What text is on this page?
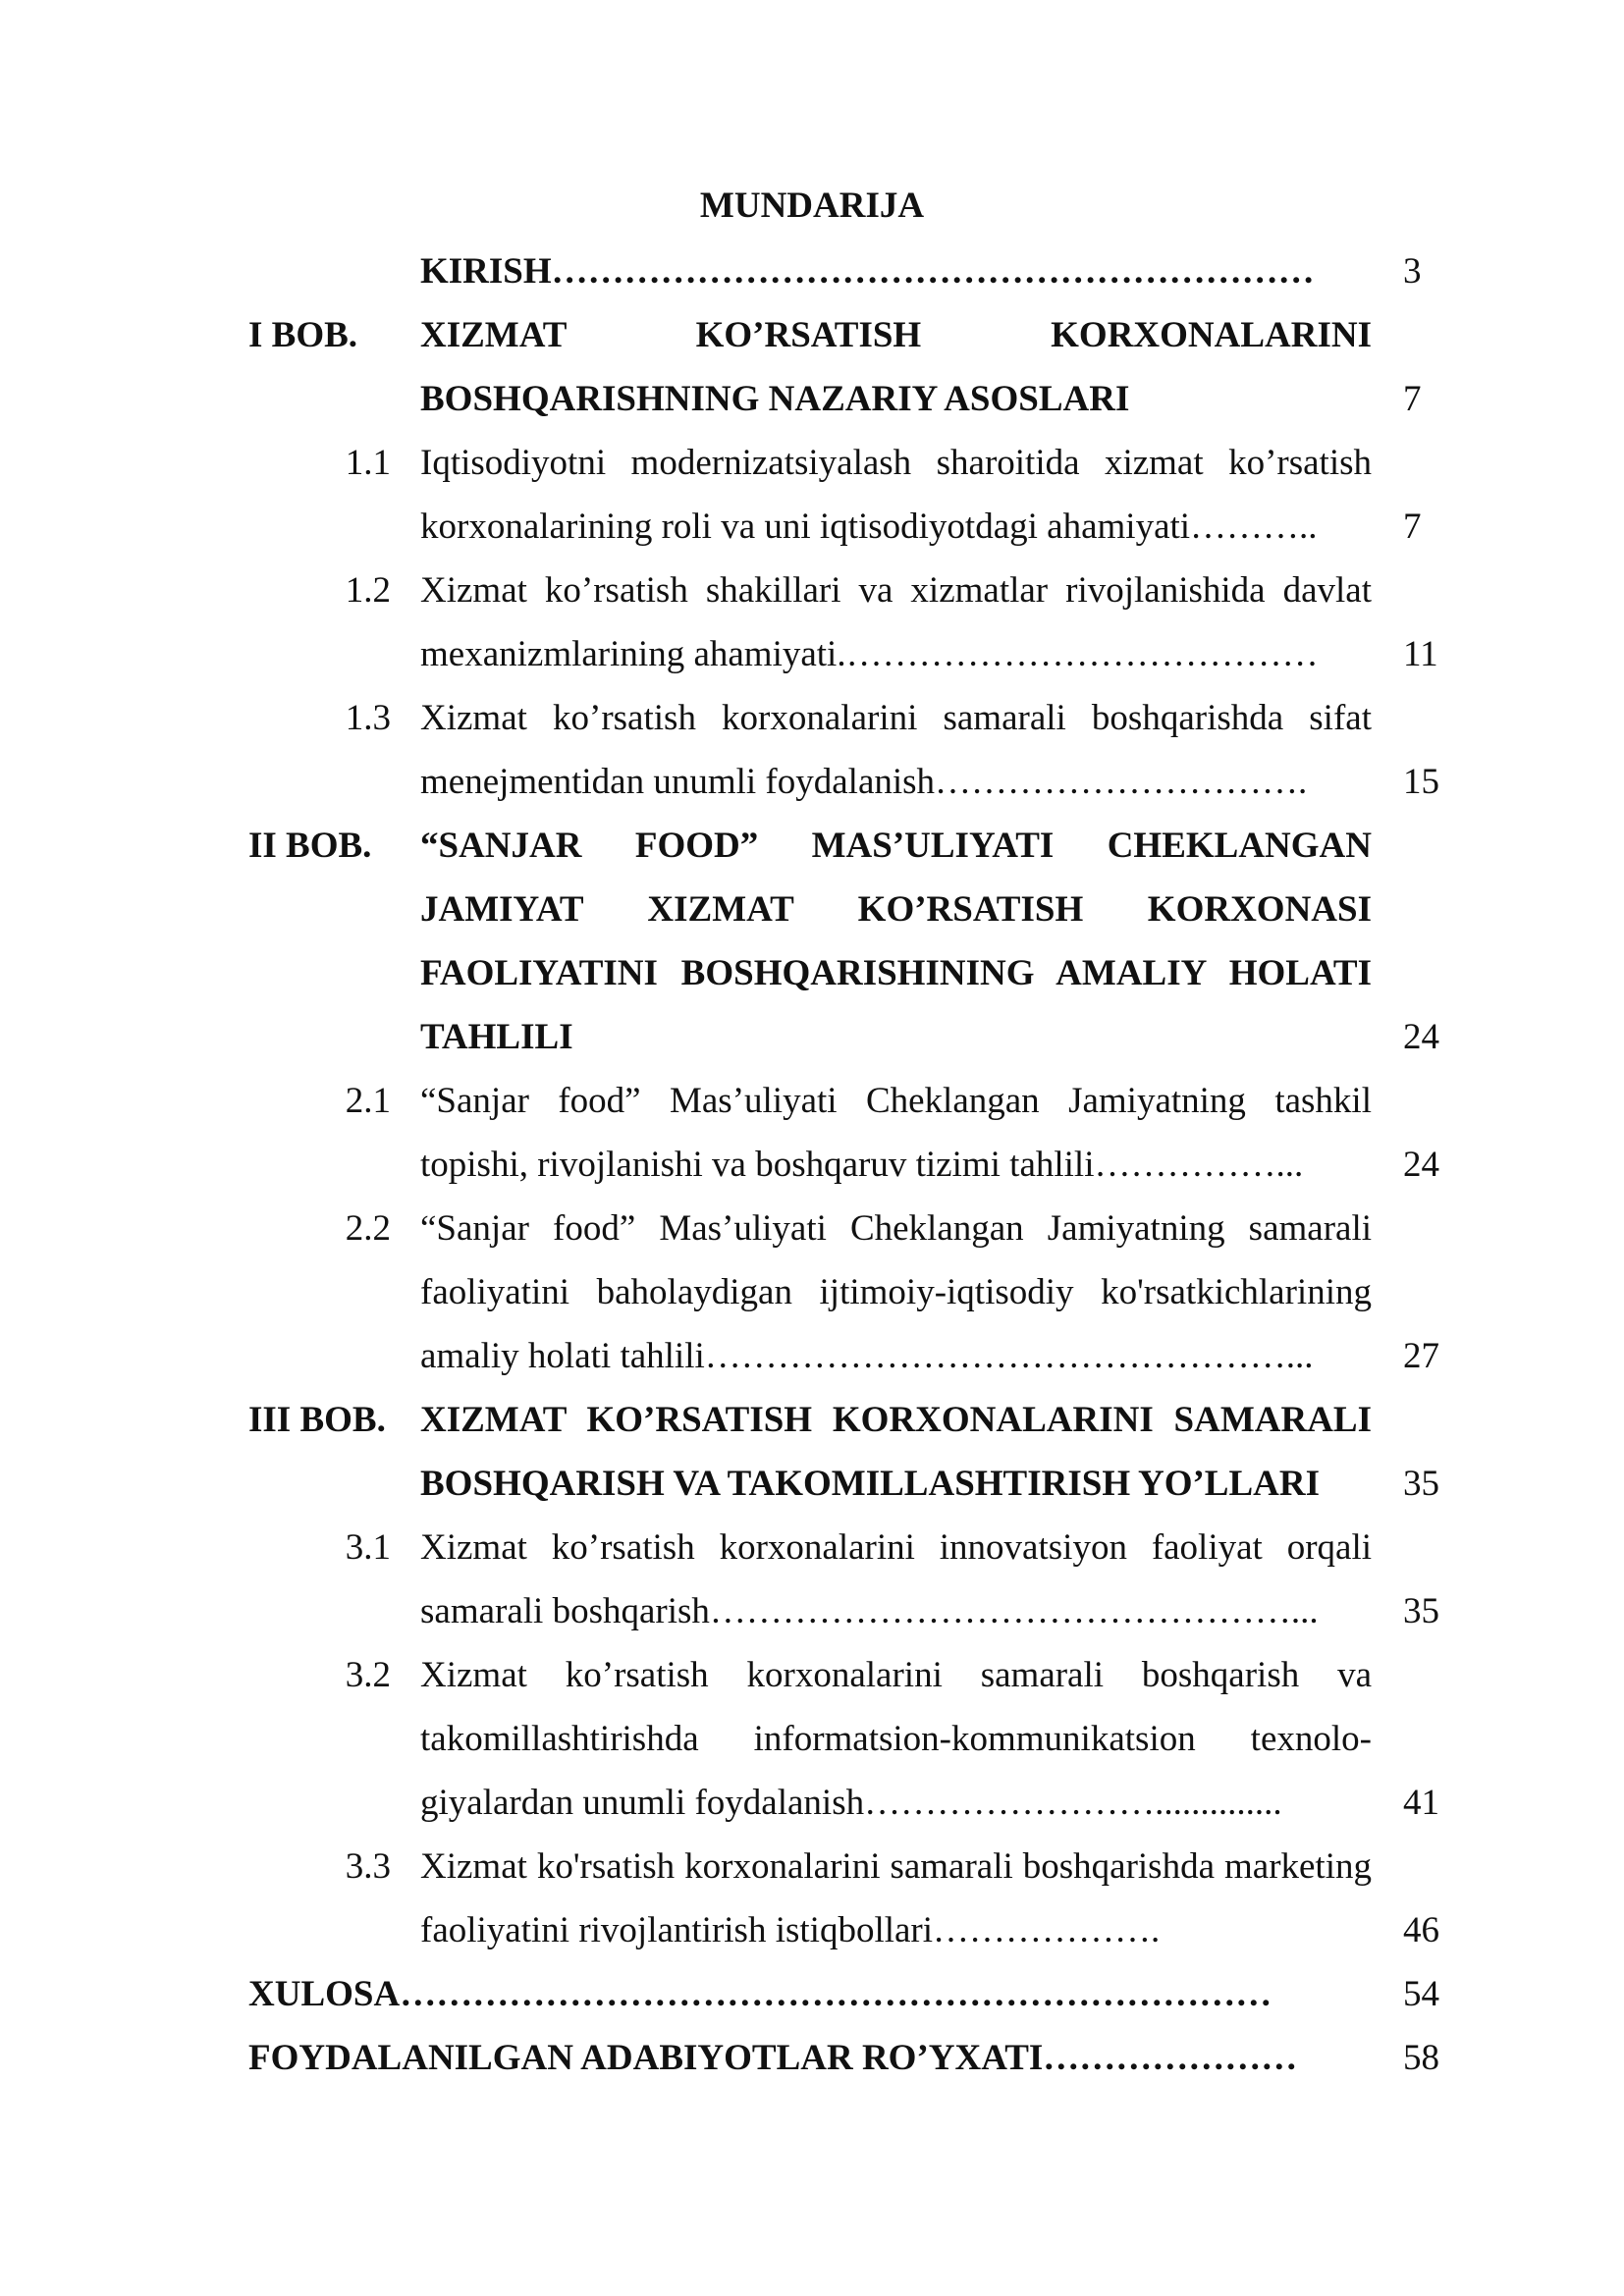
MUNDARIJA
KIRISH………………………………………………………	3
I BOB.	XIZMAT KO’RSATISH KORXONALARINI BOSHQARISHNING NAZARIY ASOSLARI	7
1.1 Iqtisodiyotni modernizatsiyalash sharoitida xizmat ko’rsatish korxonalarining roli va uni iqtisodiyotdagi ahamiyati………..	7
1.2 Xizmat ko’rsatish shakillari va xizmatlar rivojlanishida davlat mexanizmlarining ahamiyati.…………………………………	11
1.3 Xizmat ko’rsatish korxonalarini samarali boshqarishda sifat menejmentidan unumli foydalanish………………………….	15
II BOB.	“SANJAR FOOD” MAS’ULIYATI CHEKLANGAN JAMIYAT XIZMAT KO’RSATISH KORXONASI FAOLIYATINI BOSHQARISHINING AMALIY HOLATI TAHLILI	24
2.1 “Sanjar food” Mas’uliyati Cheklangan Jamiyatning tashkil topishi, rivojlanishi va boshqaruv tizimi tahlili……………...	24
2.2 “Sanjar food” Mas’uliyati Cheklangan Jamiyatning samarali faoliyatini baholaydigan ijtimoiy-iqtisodiy ko'rsatkichlarining amaliy holati tahlili…………………………………………...	27
III BOB. XIZMAT KO’RSATISH KORXONALARINI SAMARALI BOSHQARISH VA TAKOMILLASHTIRISH YO’LLARI	35
3.1 Xizmat ko’rsatish korxonalarini innovatsiyon faoliyat orqali samarali boshqarish…………………………………………...	35
3.2 Xizmat ko’rsatish korxonalarini samarali boshqarish va takomillashtirishda informatsion-kommunikatsion texnolo-giyalardan unumli foydalanish……………………..............	41
3.3 Xizmat ko'rsatish korxonalarini samarali boshqarishda marketing faoliyatini rivojlantirish istiqbollari……………….	46
XULOSA………………………………………………………………	54
FOYDALANILGAN ADABIYOTLAR RO’YXATI…………………	58
